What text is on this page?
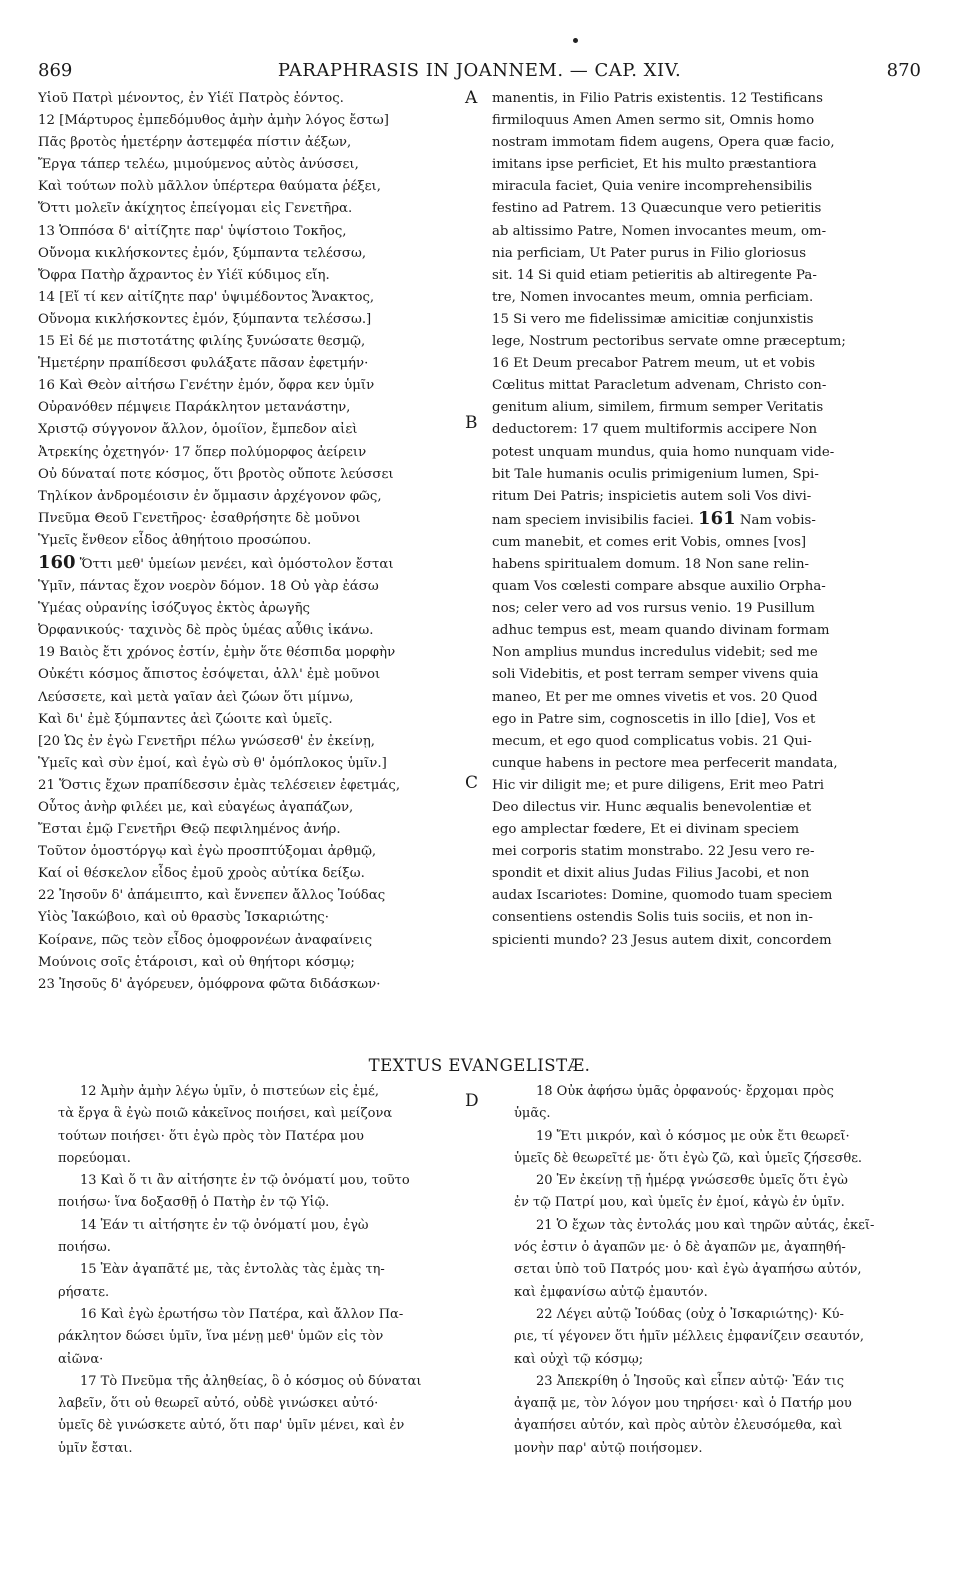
869	PARAPHRASIS IN JOANNEM. — CAP. XIV.	870
Υἱοῦ Πατρὶ μένοντος, ἐν Υἱέϊ Πατρὸς ἐόντος.
12 [Μάρτυρος ἐμπεδόμυθος ἀμὴν ἀμὴν λόγος ἔστω]
Πᾶς βροτὸς ἡμετέρην ἀστεμφέα πίστιν ἀέξων,
Ἔργα τάπερ τελέω, μιμούμενος αὐτὸς ἀνύσσει,
Καὶ τούτων πολὺ μᾶλλον ὑπέρτερα θαύματα ῥέξει,
Ὅττι μολεῖν ἀκίχητος ἐπείγομαι εἰς Γενετῆρα.
13 Ὁππόσα δ' αἰτίζητε παρ' ὑψίστοιο Τοκῆος,
Οὔνομα κικλήσκοντες ἐμόν, ξύμπαντα τελέσσω,
Ὄφρα Πατὴρ ἄχραντος ἐν Υἱέϊ κύδιμος εἴη.
14 [Εἴ τί κεν αἰτίζητε παρ' ὑψιμέδοντος Ἄνακτος,
Οὔνομα κικλήσκοντες ἐμόν, ξύμπαντα τελέσσω.]
15 Εἰ δέ με πιστοτάτης φιλίης ξυνώσατε θεσμῷ,
Ἡμετέρην πραπίδεσσι φυλάξατε πᾶσαν ἐφετμήν·
16 Καὶ Θεὸν αἰτήσω Γενέτην ἐμόν, ὄφρα κεν ὑμῖν
Οὐρανόθεν πέμψειε Παράκλητον μετανάστην,
Χριστῷ σύγγονον ἄλλον, ὁμοίϊον, ἔμπεδον αἰεὶ
Ἀτρεκίης ὀχετηγόν· 17 ὅπερ πολύμορφος ἀείρειν
Οὐ δύναταί ποτε κόσμος, ὅτι βροτὸς οὔποτε λεύσσει
Τηλίκον ἀνδρομέοισιν ἐν ὄμμασιν ἀρχέγονον φῶς,
Πνεῦμα Θεοῦ Γενετῆρος· ἐσαθρήσητε δὲ μοῦνοι
Ὑμεῖς ἔνθεον εἶδος ἀθηήτοιο προσώπου.
160 Ὅττι μεθ' ὑμείων μενέει, καὶ ὁμόστολον ἔσται
Ὑμῖν, πάντας ἔχον νοερὸν δόμον. 18 Οὐ γὰρ ἐάσω
Ὑμέας οὐρανίης ἰσόζυγος ἐκτὸς ἀρωγῆς
Ὀρφανικούς· ταχινὸς δὲ πρὸς ὑμέας αὖθις ἱκάνω.
19 Βαιὸς ἔτι χρόνος ἐστίν, ἐμὴν ὅτε θέσπιδα μορφὴν
Οὐκέτι κόσμος ἄπιστος ἐσόψεται, ἀλλ' ἐμὲ μοῦνοι
Λεύσσετε, καὶ μετὰ γαῖαν ἀεὶ ζώων ὅτι μίμνω,
Καὶ δι' ἐμὲ ξύμπαντες ἀεὶ ζώοιτε καὶ ὑμεῖς.
[20 Ὡς ἐν ἐγὼ Γενετῆρι πέλω γνώσεσθ' ἐν ἐκείνῃ,
Ὑμεῖς καὶ σὺν ἐμοί, καὶ ἐγὼ σὺ θ' ὁμόπλοκος ὑμῖν.]
21 Ὅστις ἔχων πραπίδεσσιν ἐμὰς τελέσειεν ἐφετμάς,
Οὗτος ἀνὴρ φιλέει με, καὶ εὐαγέως ἀγαπάζων,
Ἔσται ἐμῷ Γενετῆρι Θεῷ πεφιλημένος ἀνήρ.
Τοῦτον ὁμοστόργῳ καὶ ἐγὼ προσπτύξομαι ἀρθμῷ,
Καί οἱ θέσκελον εἶδος ἐμοῦ χροὸς αὐτίκα δείξω.
22 Ἰησοῦν δ' ἀπάμειπτο, καὶ ἔννεπεν ἄλλος Ἰούδας
Υἱὸς Ἰακώβοιο, καὶ οὐ θρασὺς Ἰσκαριώτης·
Κοίρανε, πῶς τεὸν εἶδος ὁμοφρονέων ἀναφαίνεις
Μούνοις σοῖς ἑτάροισι, καὶ οὐ θηήτορι κόσμῳ;
23 Ἰησοῦς δ' ἀγόρευεν, ὁμόφρονα φῶτα διδάσκων·
manentis, in Filio Patris existentis. 12 Testificans
firmiloquus Amen Amen sermo sit, Omnis homo
nostram immotam fidem augens, Opera quæ facio,
imitans ipse perficiet, Et his multo præstantiora
miracula faciet, Quia venire incomprehensibilis
festino ad Patrem. 13 Quæcunque vero petieritis
ab altissimo Patre, Nomen invocantes meum, om-
nia perficiam, Ut Pater purus in Filio gloriosus
sit. 14 Si quid etiam petieritis ab altiregente Pa-
tre, Nomen invocantes meum, omnia perficiam.
15 Si vero me fidelissimæ amicitiæ conjunxistis
lege, Nostrum pectoribus servate omne præceptum;
16 Et Deum precabor Patrem meum, ut et vobis
Cœlitus mittat Paracletum advenam, Christo con-
genitum alium, similem, firmum semper Veritatis
deductorem: 17 quem multiformis accipere Non
potest unquam mundus, quia homo nunquam vide-
bit Tale humanis oculis primigenium lumen, Spi-
ritum Dei Patris; inspicietis autem soli Vos divi-
nam speciem invisibilis faciei. 161 Nam vobis-
cum manebit, et comes erit Vobis, omnes [vos]
habens spiritualem domum. 18 Non sane relin-
quam Vos cœlesti compare absque auxilio Orpha-
nos; celer vero ad vos rursus venio. 19 Pusillum
adhuc tempus est, meam quando divinam formam
Non amplius mundus incredulus videbit; sed me
soli Videbitis, et post terram semper vivens quia
maneo, Et per me omnes vivetis et vos. 20 Quod
ego in Patre sim, cognoscetis in illo [die], Vos et
mecum, et ego quod complicatus vobis. 21 Qui-
cunque habens in pectore mea perfecerit mandata,
Hic vir diligit me; et pure diligens, Erit meo Patri
Deo dilectus vir. Hunc æqualis benevolentiæ et
ego amplectar fœdere, Et ei divinam speciem
mei corporis statim monstrabo. 22 Jesu vero re-
spondit et dixit alius Judas Filius Jacobi, et non
audax Iscariotes: Domine, quomodo tuam speciem
consentiens ostendis Solis tuis sociis, et non in-
spicienti mundo? 23 Jesus autem dixit, concordem
A
B
C
D
TEXTUS EVANGELISTÆ.
12 Ἀμὴν ἀμὴν λέγω ὑμῖν, ὁ πιστεύων εἰς ἐμέ,
τὰ ἔργα ἃ ἐγὼ ποιῶ κἀκεῖνος ποιήσει, καὶ μείζονα
τούτων ποιήσει· ὅτι ἐγὼ πρὸς τὸν Πατέρα μου
πορεύομαι.
13 Καὶ ὅ τι ἂν αἰτήσητε ἐν τῷ ὀνόματί μου, τοῦτο
ποιήσω· ἵνα δοξασθῇ ὁ Πατὴρ ἐν τῷ Υἱῷ.
14 Ἐάν τι αἰτήσητε ἐν τῷ ὀνόματί μου, ἐγὼ
ποιήσω.
15 Ἐὰν ἀγαπᾶτέ με, τὰς ἐντολὰς τὰς ἐμὰς τη-
ρήσατε.
16 Καὶ ἐγὼ ἐρωτήσω τὸν Πατέρα, καὶ ἄλλον Πα-
ράκλητον δώσει ὑμῖν, ἵνα μένῃ μεθ' ὑμῶν εἰς τὸν
αἰῶνα·
17 Τὸ Πνεῦμα τῆς ἀληθείας, ὃ ὁ κόσμος οὐ δύναται
λαβεῖν, ὅτι οὐ θεωρεῖ αὐτό, οὐδὲ γινώσκει αὐτό·
ὑμεῖς δὲ γινώσκετε αὐτό, ὅτι παρ' ὑμῖν μένει, καὶ ἐν
ὑμῖν ἔσται.
18 Οὐκ ἀφήσω ὑμᾶς ὀρφανούς· ἔρχομαι πρὸς
ὑμᾶς.
19 Ἔτι μικρόν, καὶ ὁ κόσμος με οὐκ ἔτι θεωρεῖ·
ὑμεῖς δὲ θεωρεῖτέ με· ὅτι ἐγὼ ζῶ, καὶ ὑμεῖς ζήσεσθε.
20 Ἐν ἐκείνῃ τῇ ἡμέρᾳ γνώσεσθε ὑμεῖς ὅτι ἐγὼ
ἐν τῷ Πατρί μου, καὶ ὑμεῖς ἐν ἐμοί, κἀγὼ ἐν ὑμῖν.
21 Ὁ ἔχων τὰς ἐντολάς μου καὶ τηρῶν αὐτάς, ἐκεῖ-
νός ἐστιν ὁ ἀγαπῶν με· ὁ δὲ ἀγαπῶν με, ἀγαπηθή-
σεται ὑπὸ τοῦ Πατρός μου· καὶ ἐγὼ ἀγαπήσω αὐτόν,
καὶ ἐμφανίσω αὐτῷ ἐμαυτόν.
22 Λέγει αὐτῷ Ἰούδας (οὐχ ὁ Ἰσκαριώτης)· Κύ-
ριε, τί γέγονεν ὅτι ἡμῖν μέλλεις ἐμφανίζειν σεαυτόν,
καὶ οὐχὶ τῷ κόσμῳ;
23 Ἀπεκρίθη ὁ Ἰησοῦς καὶ εἶπεν αὐτῷ· Ἐάν τις
ἀγαπᾷ με, τὸν λόγον μου τηρήσει· καὶ ὁ Πατήρ μου
ἀγαπήσει αὐτόν, καὶ πρὸς αὐτὸν ἐλευσόμεθα, καὶ
μονὴν παρ' αὐτῷ ποιήσομεν.
